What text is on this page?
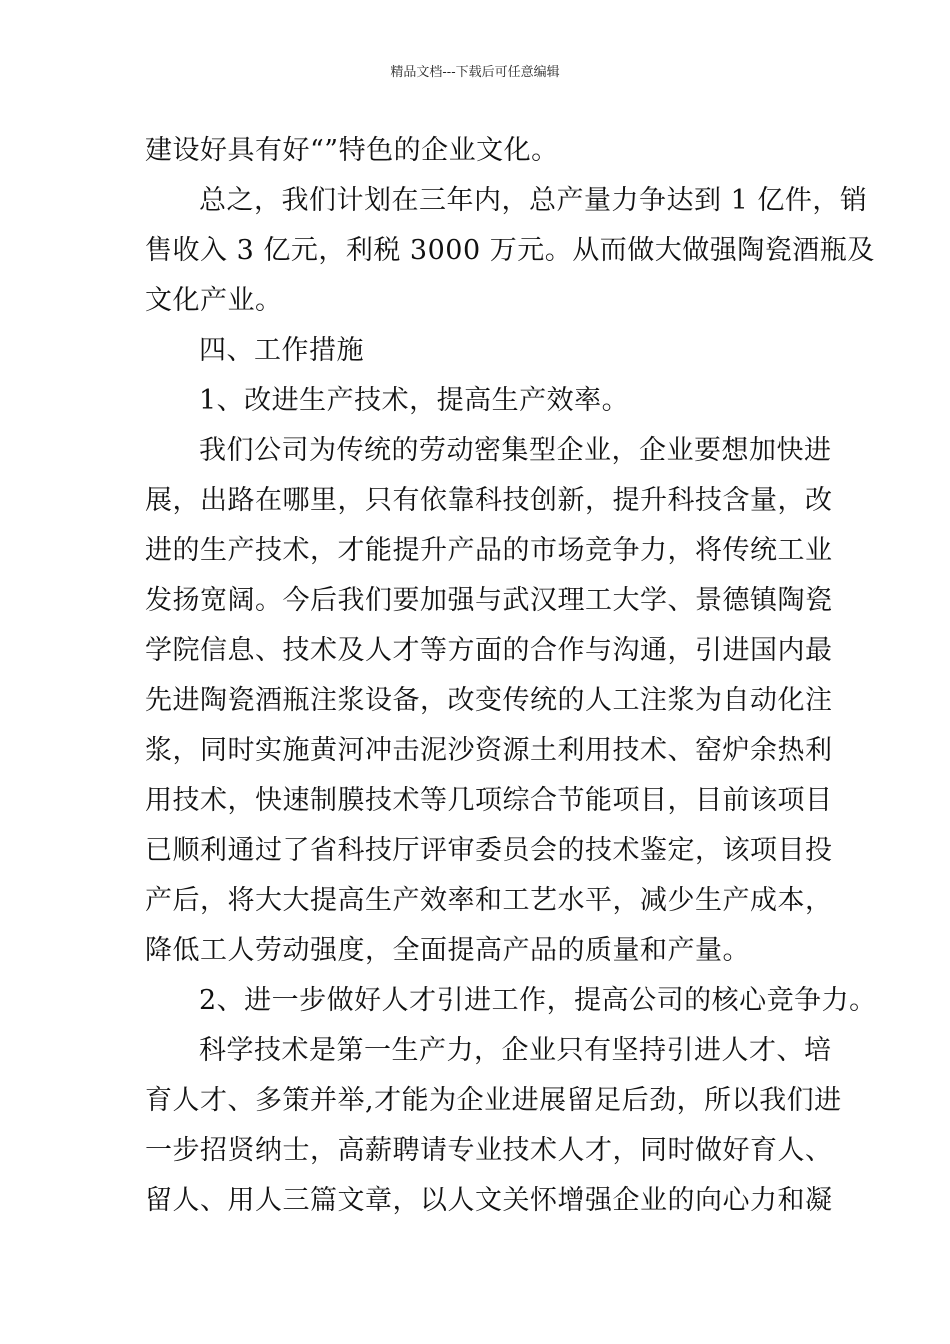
精品文档---下载后可任意编辑
建设好具有好“”特色的企业文化。
总之，我们计划在三年内，总产量力争达到 1 亿件，销
售收入 3 亿元，利税 3000 万元。从而做大做强陶瓷酒瓶及
文化产业。
四、工作措施
1、改进生产技术，提高生产效率。
我们公司为传统的劳动密集型企业，企业要想加快进
展，出路在哪里，只有依靠科技创新，提升科技含量，改
进的生产技术，才能提升产品的市场竞争力，将传统工业
发扬宽阔。今后我们要加强与武汉理工大学、景德镇陶瓷
学院信息、技术及人才等方面的合作与沟通，引进国内最
先进陶瓷酒瓶注浆设备，改变传统的人工注浆为自动化注
浆，同时实施黄河冲击泥沙资源土利用技术、窑炉余热利
用技术，快速制膜技术等几项综合节能项目，目前该项目
已顺利通过了省科技厅评审委员会的技术鉴定，该项目投
产后，将大大提高生产效率和工艺水平，减少生产成本，
降低工人劳动强度，全面提高产品的质量和产量。
2、进一步做好人才引进工作，提高公司的核心竞争力。
科学技术是第一生产力，企业只有坚持引进人才、培
育人才、多策并举,才能为企业进展留足后劲，所以我们进
一步招贤纳士，高薪聘请专业技术人才，同时做好育人、
留人、用人三篇文章，以人文关怀增强企业的向心力和凝
